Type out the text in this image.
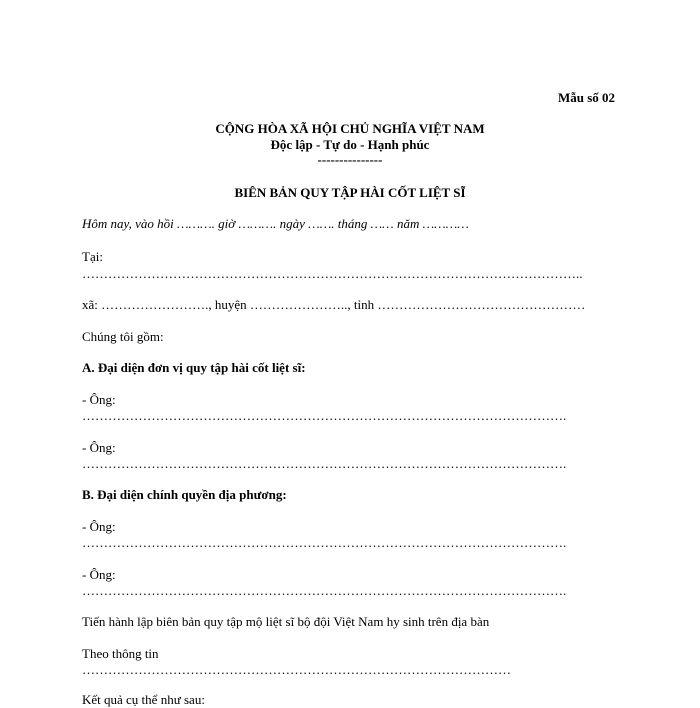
Mẫu số 02
CỘNG HÒA XÃ HỘI CHỦ NGHĨA VIỆT NAM
Độc lập - Tự do - Hạnh phúc
---------------
BIÊN BẢN QUY TẬP HÀI CỐT LIỆT SĨ
Hôm nay, vào hồi ………. giờ ………. ngày ……. tháng …… năm …………
Tại:
……………………………………………………………………………………………………..
xã: ……………………., huyện ………………….., tỉnh …………………………………………
Chúng tôi gồm:
A. Đại diện đơn vị quy tập hài cốt liệt sĩ:
- Ông:
………………………………………………………………………………………………….
- Ông:
………………………………………………………………………………………………….
B. Đại diện chính quyền địa phương:
- Ông:
………………………………………………………………………………………………….
- Ông:
………………………………………………………………………………………………….
Tiến hành lập biên bản quy tập mộ liệt sĩ bộ đội Việt Nam hy sinh trên địa bàn
Theo thông tin
………………………………………………………………………………………
Kết quả cụ thể như sau:
